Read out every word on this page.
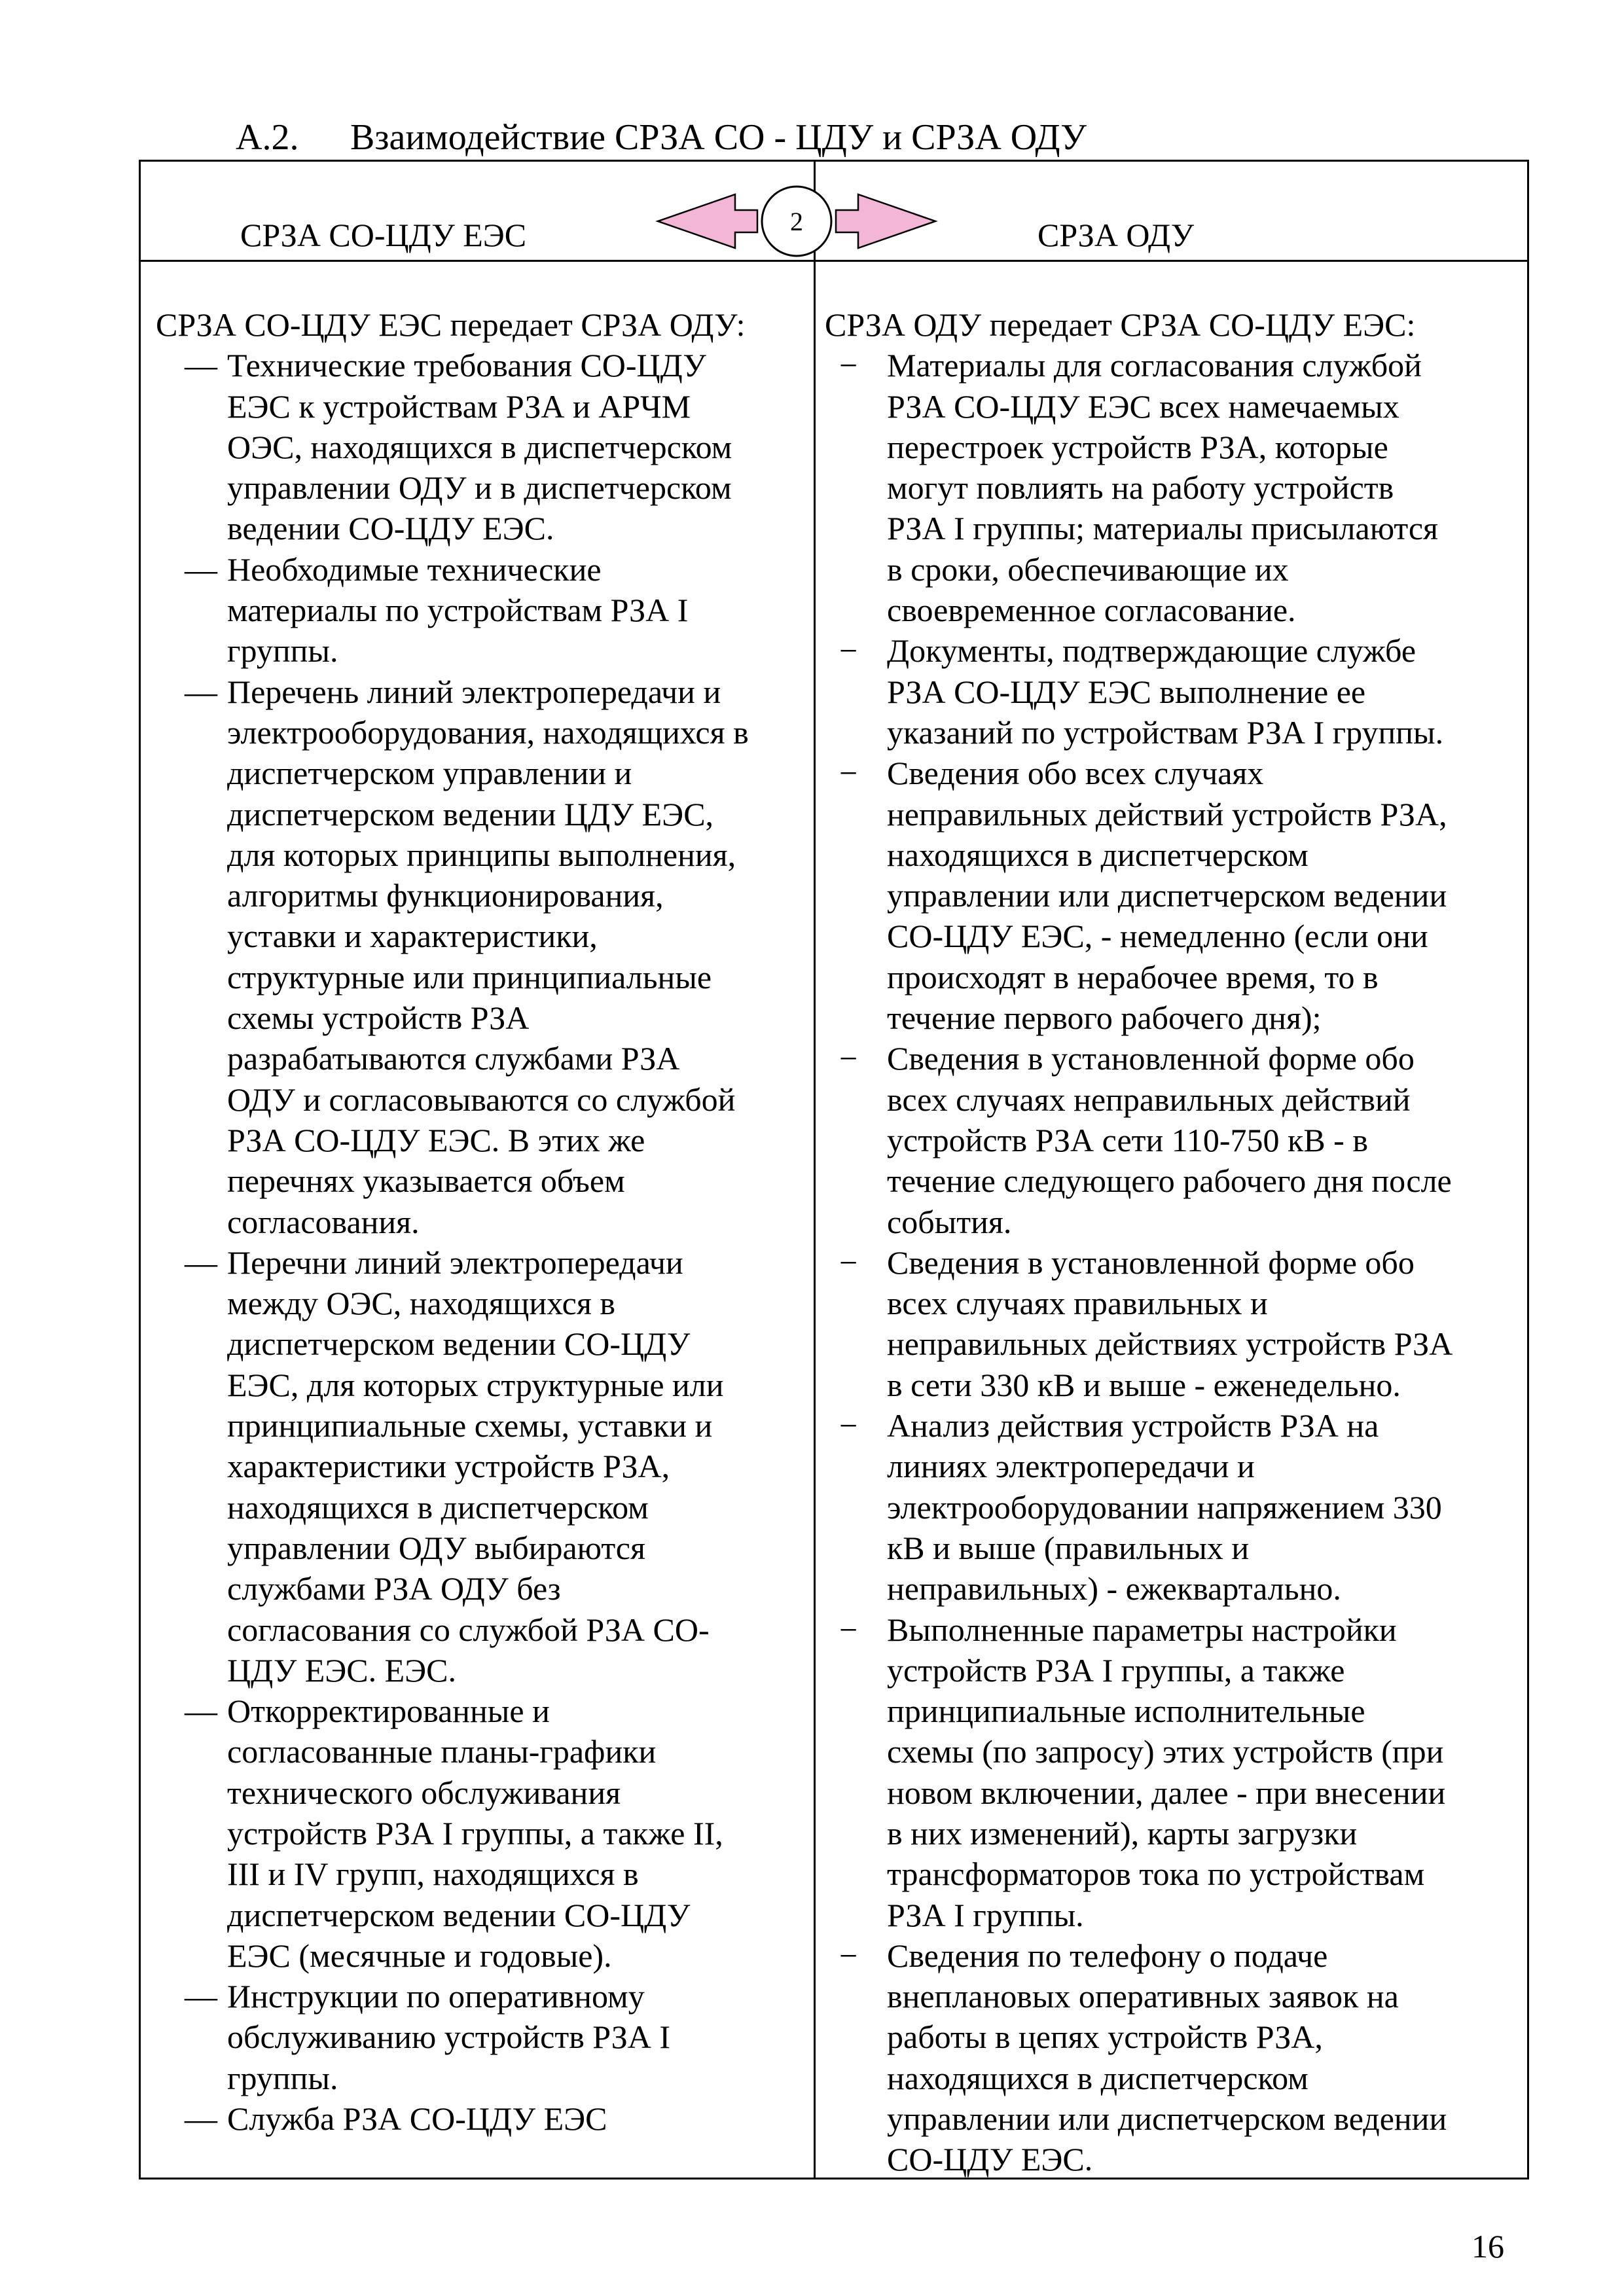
А.2. Взаимодействие СРЗА СО - ЦДУ и СРЗА ОДУ
СРЗА СО-ЦДУ ЕЭС	СРЗА ОДУ
2
СРЗА СО-ЦДУ ЕЭС передает СРЗА ОДУ:
— Технические требования СО-ЦДУ
ЕЭС к устройствам РЗА и АРЧМ
ОЭС, находящихся в диспетчерском
управлении ОДУ и в диспетчерском
ведении СО-ЦДУ ЕЭС.
— Необходимые технические
материалы по устройствам РЗА I
группы.
— Перечень линий электропередачи и
электрооборудования, находящихся в
диспетчерском управлении и
диспетчерском ведении ЦДУ ЕЭС,
для которых принципы выполнения,
алгоритмы функционирования,
уставки и характеристики,
структурные или принципиальные
схемы устройств РЗА
разрабатываются службами РЗА
ОДУ и согласовываются со службой
РЗА СО-ЦДУ ЕЭС. В этих же
перечнях указывается объем
согласования.
— Перечни линий электропередачи
между ОЭС, находящихся в
диспетчерском ведении СО-ЦДУ
ЕЭС, для которых структурные или
принципиальные схемы, уставки и
характеристики устройств РЗА,
находящихся в диспетчерском
управлении ОДУ выбираются
службами РЗА ОДУ без
согласования со службой РЗА СО-
ЦДУ ЕЭС. ЕЭС.
— Откорректированные и
согласованные планы-графики
технического обслуживания
устройств РЗА I группы, а также II,
III и IV групп, находящихся в
диспетчерском ведении СО-ЦДУ
ЕЭС (месячные и годовые).
— Инструкции по оперативному
обслуживанию устройств РЗА I
группы.
— Служба РЗА СО-ЦДУ ЕЭС
СРЗА ОДУ передает СРЗА СО-ЦДУ ЕЭС:
− Материалы для согласования службой
РЗА СО-ЦДУ ЕЭС всех намечаемых
перестроек устройств РЗА, которые
могут повлиять на работу устройств
РЗА I группы; материалы присылаются
в сроки, обеспечивающие их
своевременное согласование.
− Документы, подтверждающие службе
РЗА СО-ЦДУ ЕЭС выполнение ее
указаний по устройствам РЗА I группы.
− Сведения обо всех случаях
неправильных действий устройств РЗА,
находящихся в диспетчерском
управлении или диспетчерском ведении
СО-ЦДУ ЕЭС, - немедленно (если они
происходят в нерабочее время, то в
течение первого рабочего дня);
− Сведения в установленной форме обо
всех случаях неправильных действий
устройств РЗА сети 110-750 кВ - в
течение следующего рабочего дня после
события.
− Сведения в установленной форме обо
всех случаях правильных и
неправильных действиях устройств РЗА
в сети 330 кВ и выше - еженедельно.
− Анализ действия устройств РЗА на
линиях электропередачи и
электрооборудовании напряжением 330
кВ и выше (правильных и
неправильных) - ежеквартально.
− Выполненные параметры настройки
устройств РЗА I группы, а также
принципиальные исполнительные
схемы (по запросу) этих устройств (при
новом включении, далее - при внесении
в них изменений), карты загрузки
трансформаторов тока по устройствам
РЗА I группы.
− Сведения по телефону о подаче
внеплановых оперативных заявок на
работы в цепях устройств РЗА,
находящихся в диспетчерском
управлении или диспетчерском ведении
СО-ЦДУ ЕЭС.
16
